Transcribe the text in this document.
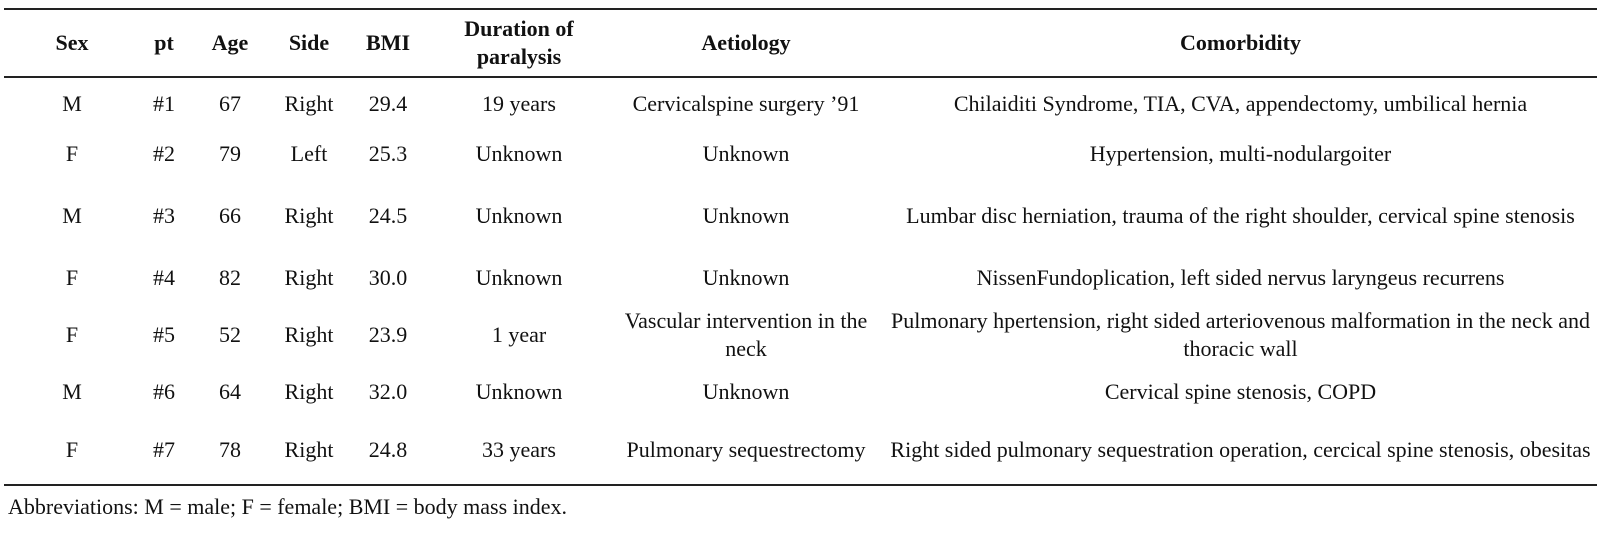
Sex	pt	Age	Side	BMI	Duration of paralysis	Aetiology	Comorbidity
M	#1	67	Right	29.4	19 years	Cervicalspine surgery ’91	Chilaiditi Syndrome, TIA, CVA, appendectomy, umbilical hernia
F	#2	79	Left	25.3	Unknown	Unknown	Hypertension, multi-nodulargoiter
M	#3	66	Right	24.5	Unknown	Unknown	Lumbar disc herniation, trauma of the right shoulder, cervical spine stenosis
F	#4	82	Right	30.0	Unknown	Unknown	NissenFundoplication, left sided nervus laryngeus recurrens
F	#5	52	Right	23.9	1 year	Vascular intervention in the neck	Pulmonary hpertension, right sided arteriovenous malformation in the neck and thoracic wall
M	#6	64	Right	32.0	Unknown	Unknown	Cervical spine stenosis, COPD
F	#7	78	Right	24.8	33 years	Pulmonary sequestrectomy	Right sided pulmonary sequestration operation, cercical spine stenosis, obesitas
Abbreviations: M = male; F = female; BMI = body mass index.
